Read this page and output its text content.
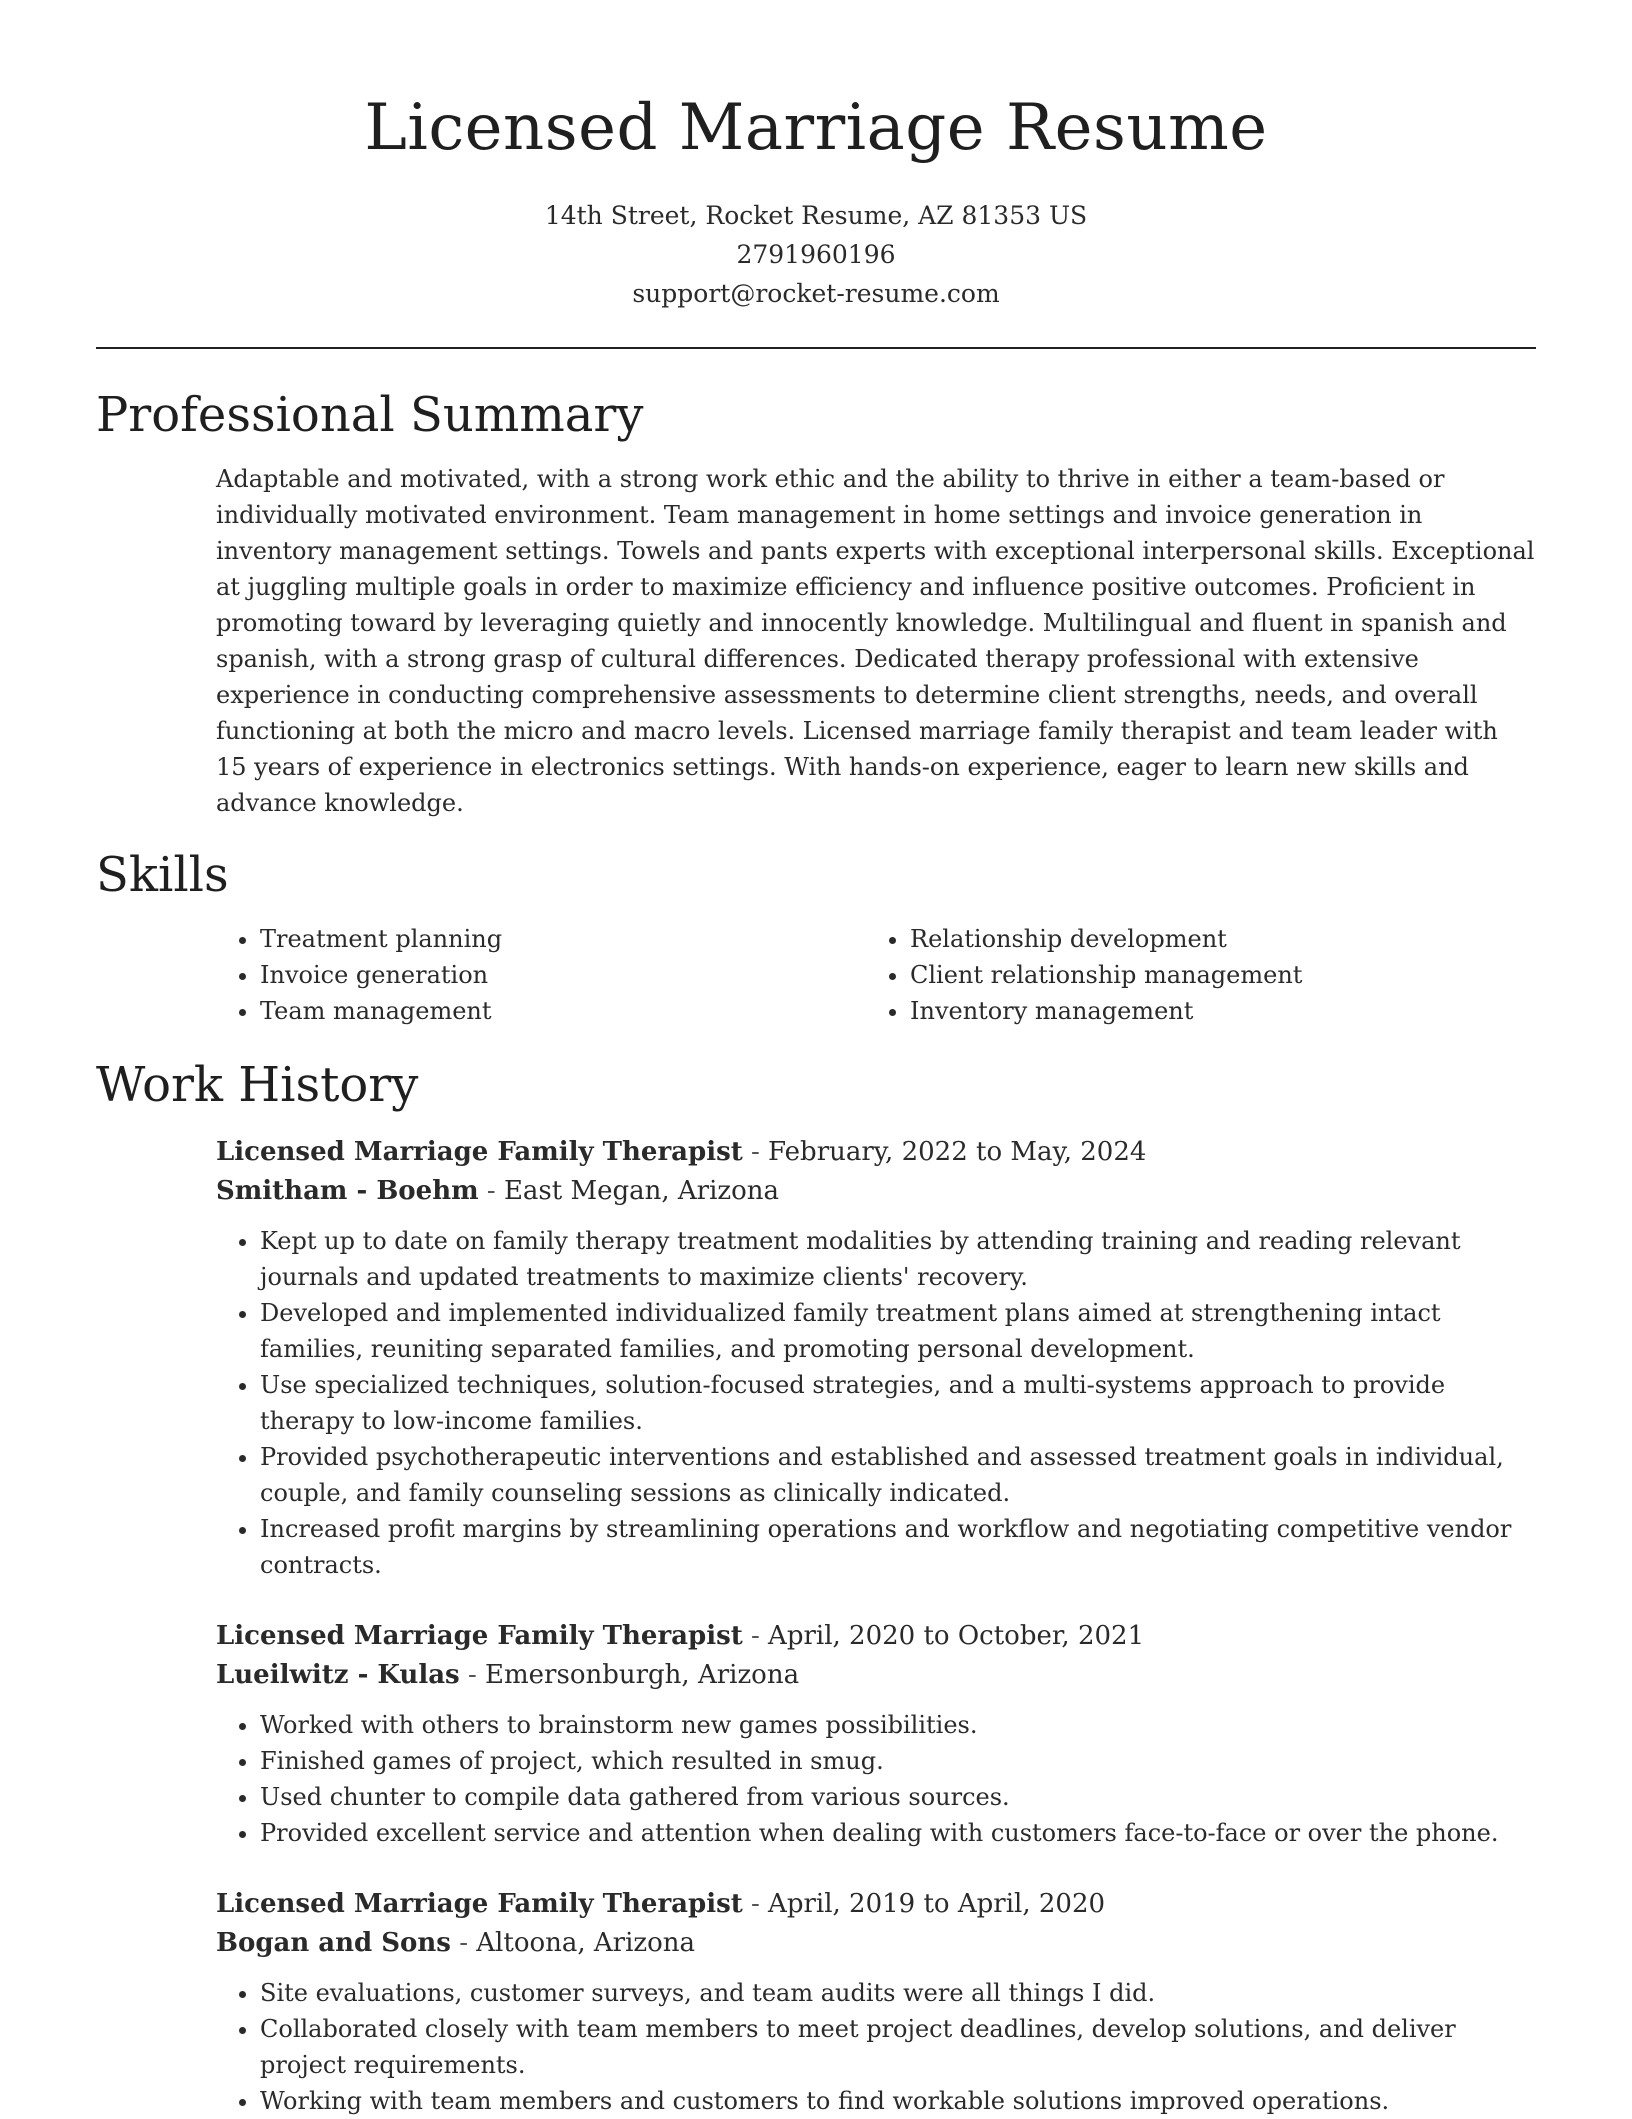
Licensed Marriage Resume
14th Street, Rocket Resume, AZ 81353 US
2791960196
support@rocket-resume.com
Professional Summary
Adaptable and motivated, with a strong work ethic and the ability to thrive in either a team-based or individually motivated environment. Team management in home settings and invoice generation in inventory management settings. Towels and pants experts with exceptional interpersonal skills. Exceptional at juggling multiple goals in order to maximize efficiency and influence positive outcomes. Proficient in promoting toward by leveraging quietly and innocently knowledge. Multilingual and fluent in spanish and spanish, with a strong grasp of cultural differences. Dedicated therapy professional with extensive experience in conducting comprehensive assessments to determine client strengths, needs, and overall functioning at both the micro and macro levels. Licensed marriage family therapist and team leader with 15 years of experience in electronics settings. With hands-on experience, eager to learn new skills and advance knowledge.
Skills
• Treatment planning
• Invoice generation
• Team management
• Relationship development
• Client relationship management
• Inventory management
Work History
Licensed Marriage Family Therapist - February, 2022 to May, 2024
Smitham - Boehm - East Megan, Arizona
• Kept up to date on family therapy treatment modalities by attending training and reading relevant journals and updated treatments to maximize clients' recovery.
• Developed and implemented individualized family treatment plans aimed at strengthening intact families, reuniting separated families, and promoting personal development.
• Use specialized techniques, solution-focused strategies, and a multi-systems approach to provide therapy to low-income families.
• Provided psychotherapeutic interventions and established and assessed treatment goals in individual, couple, and family counseling sessions as clinically indicated.
• Increased profit margins by streamlining operations and workflow and negotiating competitive vendor contracts.
Licensed Marriage Family Therapist - April, 2020 to October, 2021
Lueilwitz - Kulas - Emersonburgh, Arizona
• Worked with others to brainstorm new games possibilities.
• Finished games of project, which resulted in smug.
• Used chunter to compile data gathered from various sources.
• Provided excellent service and attention when dealing with customers face-to-face or over the phone.
Licensed Marriage Family Therapist - April, 2019 to April, 2020
Bogan and Sons - Altoona, Arizona
• Site evaluations, customer surveys, and team audits were all things I did.
• Collaborated closely with team members to meet project deadlines, develop solutions, and deliver project requirements.
• Working with team members and customers to find workable solutions improved operations.
